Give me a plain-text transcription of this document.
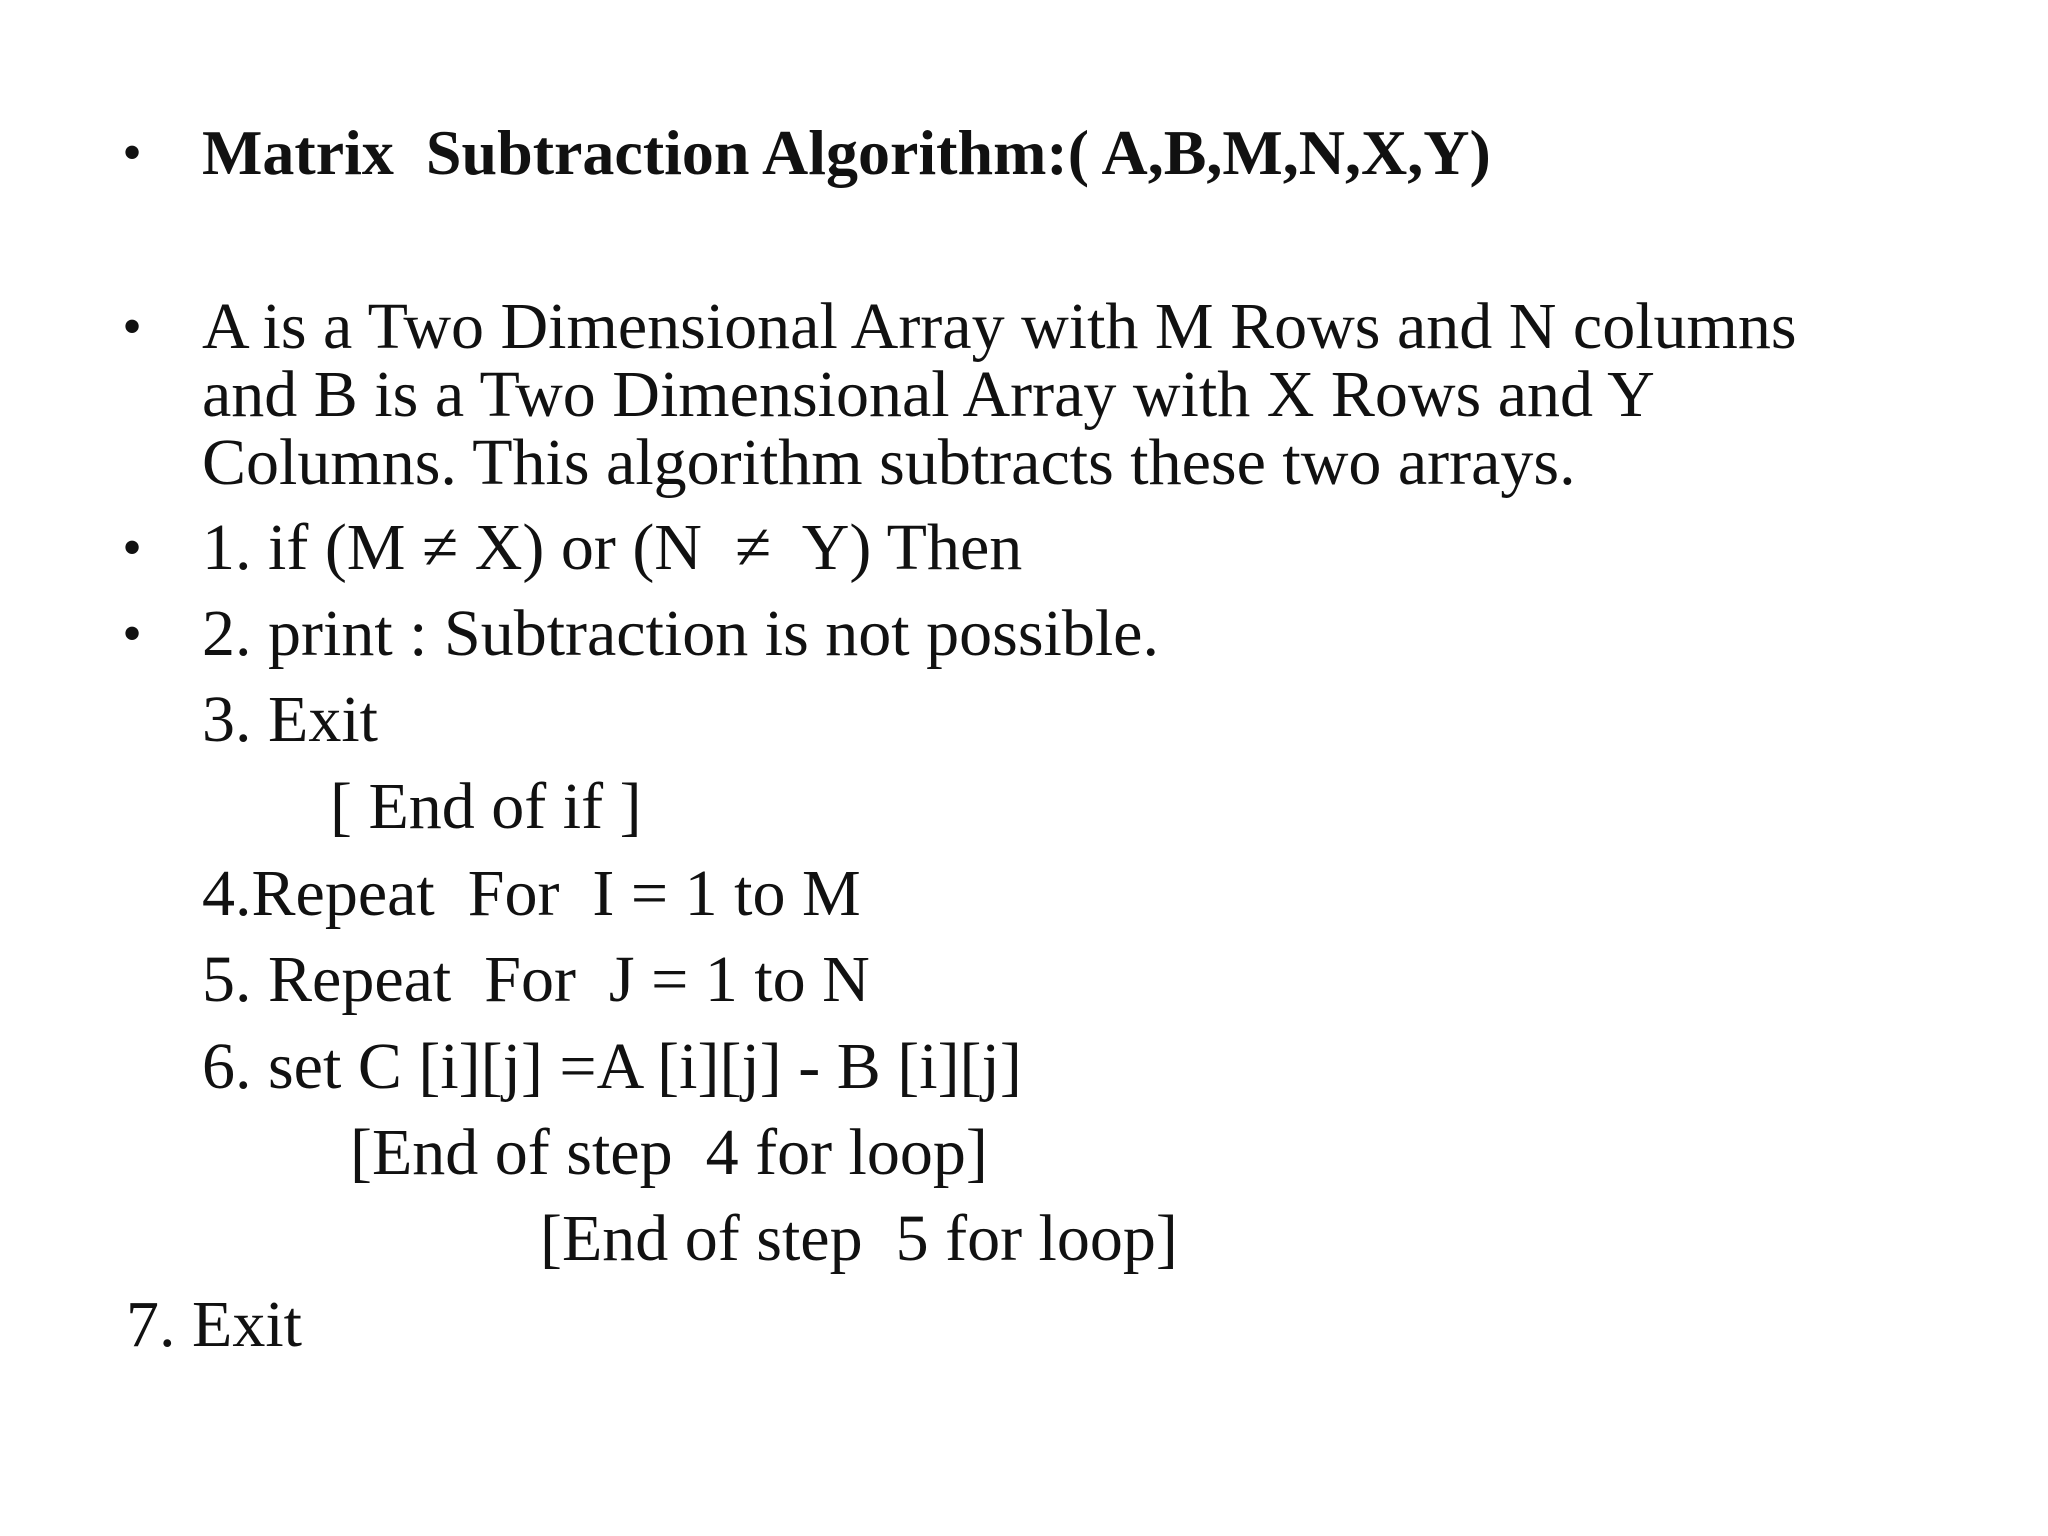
• Matrix  Subtraction Algorithm:( A,B,M,N,X,Y)
• A is a Two Dimensional Array with M Rows and N columns
and B is a Two Dimensional Array with X Rows and Y
Columns. This algorithm subtracts these two arrays.
• 1. if (M ≠ X) or (N  ≠  Y) Then
• 2. print : Subtraction is not possible.
3. Exit
[ End of if ]
4.Repeat  For  I = 1 to M
5. Repeat  For  J = 1 to N
6. set C [i][j] =A [i][j] - B [i][j]
[End of step  4 for loop]
[End of step  5 for loop]
7. Exit
